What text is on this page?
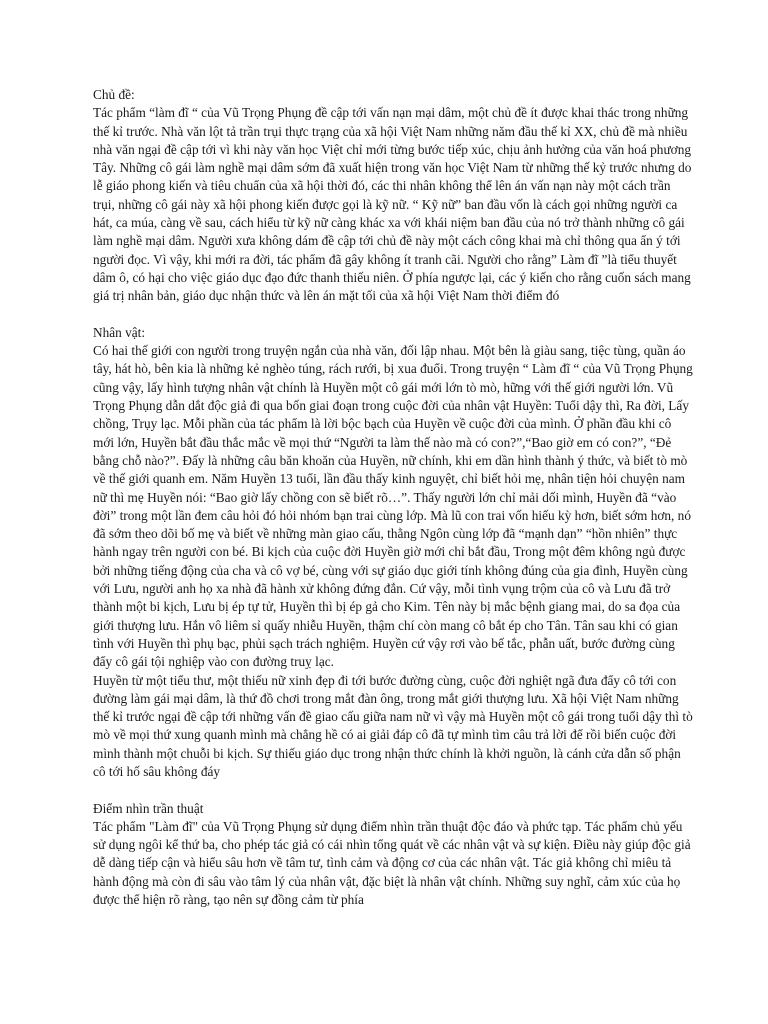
Chủ đề:

Tác phẩm “làm đĩ “ của Vũ Trọng Phụng đề cập tới vấn nạn mại dâm, một chủ đề ít được khai thác trong những thế kỉ trước. Nhà văn lột tả trần trụi thực trạng của xã hội Việt Nam những năm đầu thế kỉ XX, chủ đề mà nhiều nhà văn ngại đề cập tới vì khi này văn học Việt chỉ mới từng bước tiếp xúc, chịu ảnh hưởng của văn hoá phương Tây. Những cô gái làm nghề mại dâm sớm đã xuất hiện trong văn học Việt Nam từ những thế kỷ trước nhưng do lễ giáo phong kiến và tiêu chuẩn của xã hội thời đó, các thi nhân không thể lên án vấn nạn này một cách trần trụi, những cô gái này xã hội phong kiến được gọi là kỹ nữ. “ Kỹ nữ” ban đầu vốn là cách gọi những người ca hát, ca múa, càng về sau, cách hiểu từ kỹ nữ càng khác xa với khái niệm ban đầu của nó trở thành những cô gái làm nghề mại dâm. Người xưa không dám đề cập tới chủ đề này một cách công khai mà chỉ thông qua ẩn ý tới người đọc. Vì vậy, khi mới ra đời, tác phẩm đã gây không ít tranh cãi. Người cho rằng” Làm đĩ ”là tiểu thuyết dâm ô, có hại cho việc giáo dục đạo đức thanh thiếu niên. Ở phía ngược lại, các ý kiến cho rằng cuốn sách mang giá trị nhân bản, giáo dục nhận thức và lên án mặt tối của xã hội Việt Nam thời điểm đó

Nhân vật:

Có hai thế giới con người trong truyện ngắn của nhà văn, đối lập nhau. Một bên là giàu sang, tiệc tùng, quần áo tây, hát hò, bên kia là những kẻ nghèo túng, rách rưới, bị xua đuổi. Trong truyện “ Làm đĩ “ của Vũ Trọng Phụng cũng vậy, lấy hình tượng nhân vật chính là Huyền một cô gái mới lớn tò mò, hững với thế giới người lớn. Vũ Trọng Phụng dẫn dắt độc giả đi qua bốn giai đoạn trong cuộc đời của nhân vật Huyền: Tuổi dậy thì, Ra đời, Lấy chồng, Trụy lạc. Mỗi phần của tác phẩm là lời bộc bạch của Huyền về cuộc đời của mình. Ở phần đầu khi cô mới lớn, Huyền bắt đầu thắc mắc về mọi thứ “Người ta làm thế nào mà có con?”,“Bao giờ em có con?”, “Đẻ bằng chỗ nào?”. Đấy là những câu băn khoăn của Huyền, nữ chính, khi em dần hình thành ý thức, và biết tò mò về thế giới quanh em. Năm Huyền 13 tuổi, lần đầu thấy kinh nguyệt, chỉ biết hỏi mẹ, nhân tiện hỏi chuyện nam nữ thì mẹ Huyền nói: “Bao giờ lấy chồng con sẽ biết rõ…”. Thấy người lớn chỉ mải dối mình, Huyền đã “vào đời” trong một lần đem câu hỏi đó hỏi nhóm bạn trai cùng lớp. Mà lũ con trai vốn hiếu kỳ hơn, biết sớm hơn, nó đã sớm theo dõi bố mẹ và biết về những màn giao cấu, thằng Ngôn cùng lớp đã “mạnh dạn” “hồn nhiên” thực hành ngay trên người con bé. Bi kịch của cuộc đời Huyền giờ mới chỉ bắt đầu, Trong một đêm không ngủ được bởi những tiếng động của cha và cô vợ bé, cùng với sự giáo dục giới tính không đúng của gia đình, Huyền cùng với Lưu, người anh họ xa nhà đã hành xử không đứng đắn. Cứ vậy, mỗi tình vụng trộm của cô và Lưu đã trở thành một bi kịch, Lưu bị ép tự tử, Huyền thì bị ép gả cho Kim. Tên này bị mắc bệnh giang mai, do sa đọa của giới thượng lưu. Hắn vô liêm sỉ quấy nhiễu Huyền, thậm chí còn mang cô bắt ép cho Tân. Tân sau khi có gian tình với Huyền thì phụ bạc, phủi sạch trách nghiệm. Huyền cứ vậy rơi vào bế tắc, phẫn uất, bước đường cùng đẩy cô gái tội nghiệp vào con đường truỵ lạc.

Huyền từ một tiểu thư, một thiếu nữ xinh đẹp đi tới bước đường cùng, cuộc đời nghiệt ngã đưa đẩy cô tới con đường làm gái mại dâm, là thứ đồ chơi trong mắt đàn ông, trong mắt giới thượng lưu. Xã hội Việt Nam những thế kỉ trước ngại đề cập tới những vấn đề giao cấu giữa nam nữ vì vậy mà Huyền một cô gái trong tuổi dậy thì tò mò về mọi thứ xung quanh mình mà chẳng hề có ai giải đáp cô đã tự mình tìm câu trả lời để rồi biến cuộc đời mình thành một chuỗi bi kịch. Sự thiếu giáo dục trong nhận thức chính là khởi nguồn, là cánh cửa dẫn số phận cô tới hố sâu không đáy

Điểm nhìn trần thuật

Tác phẩm "Làm đĩ" của Vũ Trọng Phụng sử dụng điểm nhìn trần thuật độc đáo và phức tạp. Tác phẩm chủ yếu sử dụng ngôi kể thứ ba, cho phép tác giả có cái nhìn tổng quát về các nhân vật và sự kiện. Điều này giúp độc giả dễ dàng tiếp cận và hiểu sâu hơn về tâm tư, tình cảm và động cơ của các nhân vật. Tác giả không chỉ miêu tả hành động mà còn đi sâu vào tâm lý của nhân vật, đặc biệt là nhân vật chính. Những suy nghĩ, cảm xúc của họ được thể hiện rõ ràng, tạo nên sự đồng cảm từ phía
